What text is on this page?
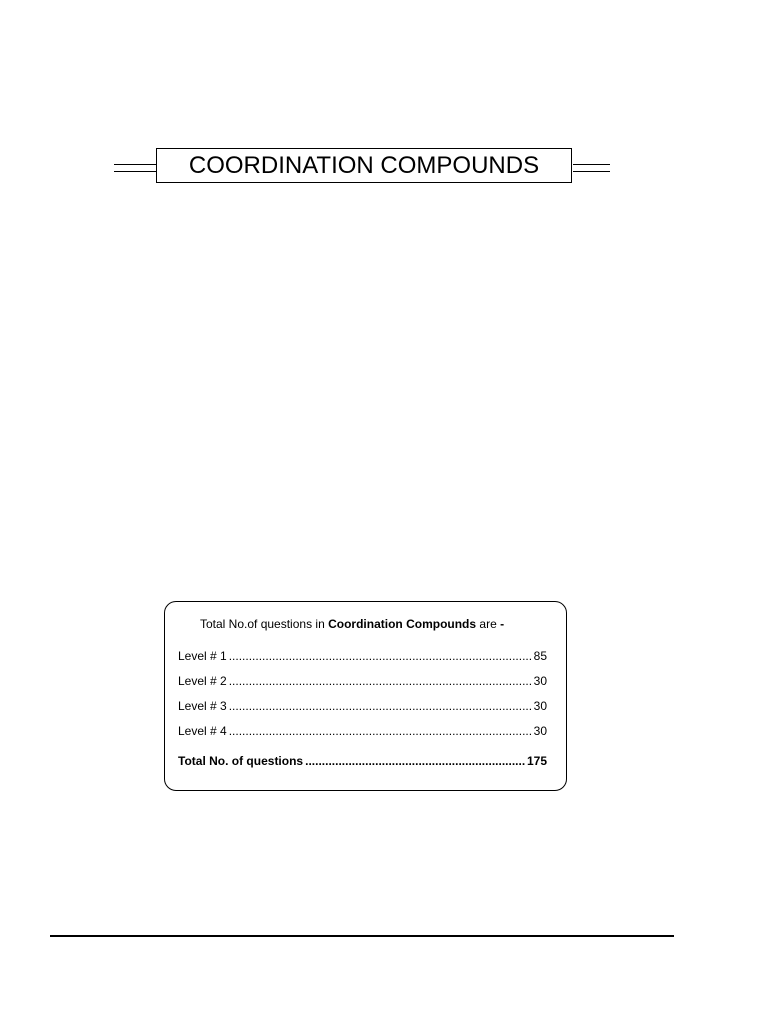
COORDINATION COMPOUNDS
Total No.of questions in Coordination Compounds are -
Level # 1 .....	85
Level # 2 .....	30
Level # 3 .....	30
Level # 4 .....	30
Total No. of questions .....	175
